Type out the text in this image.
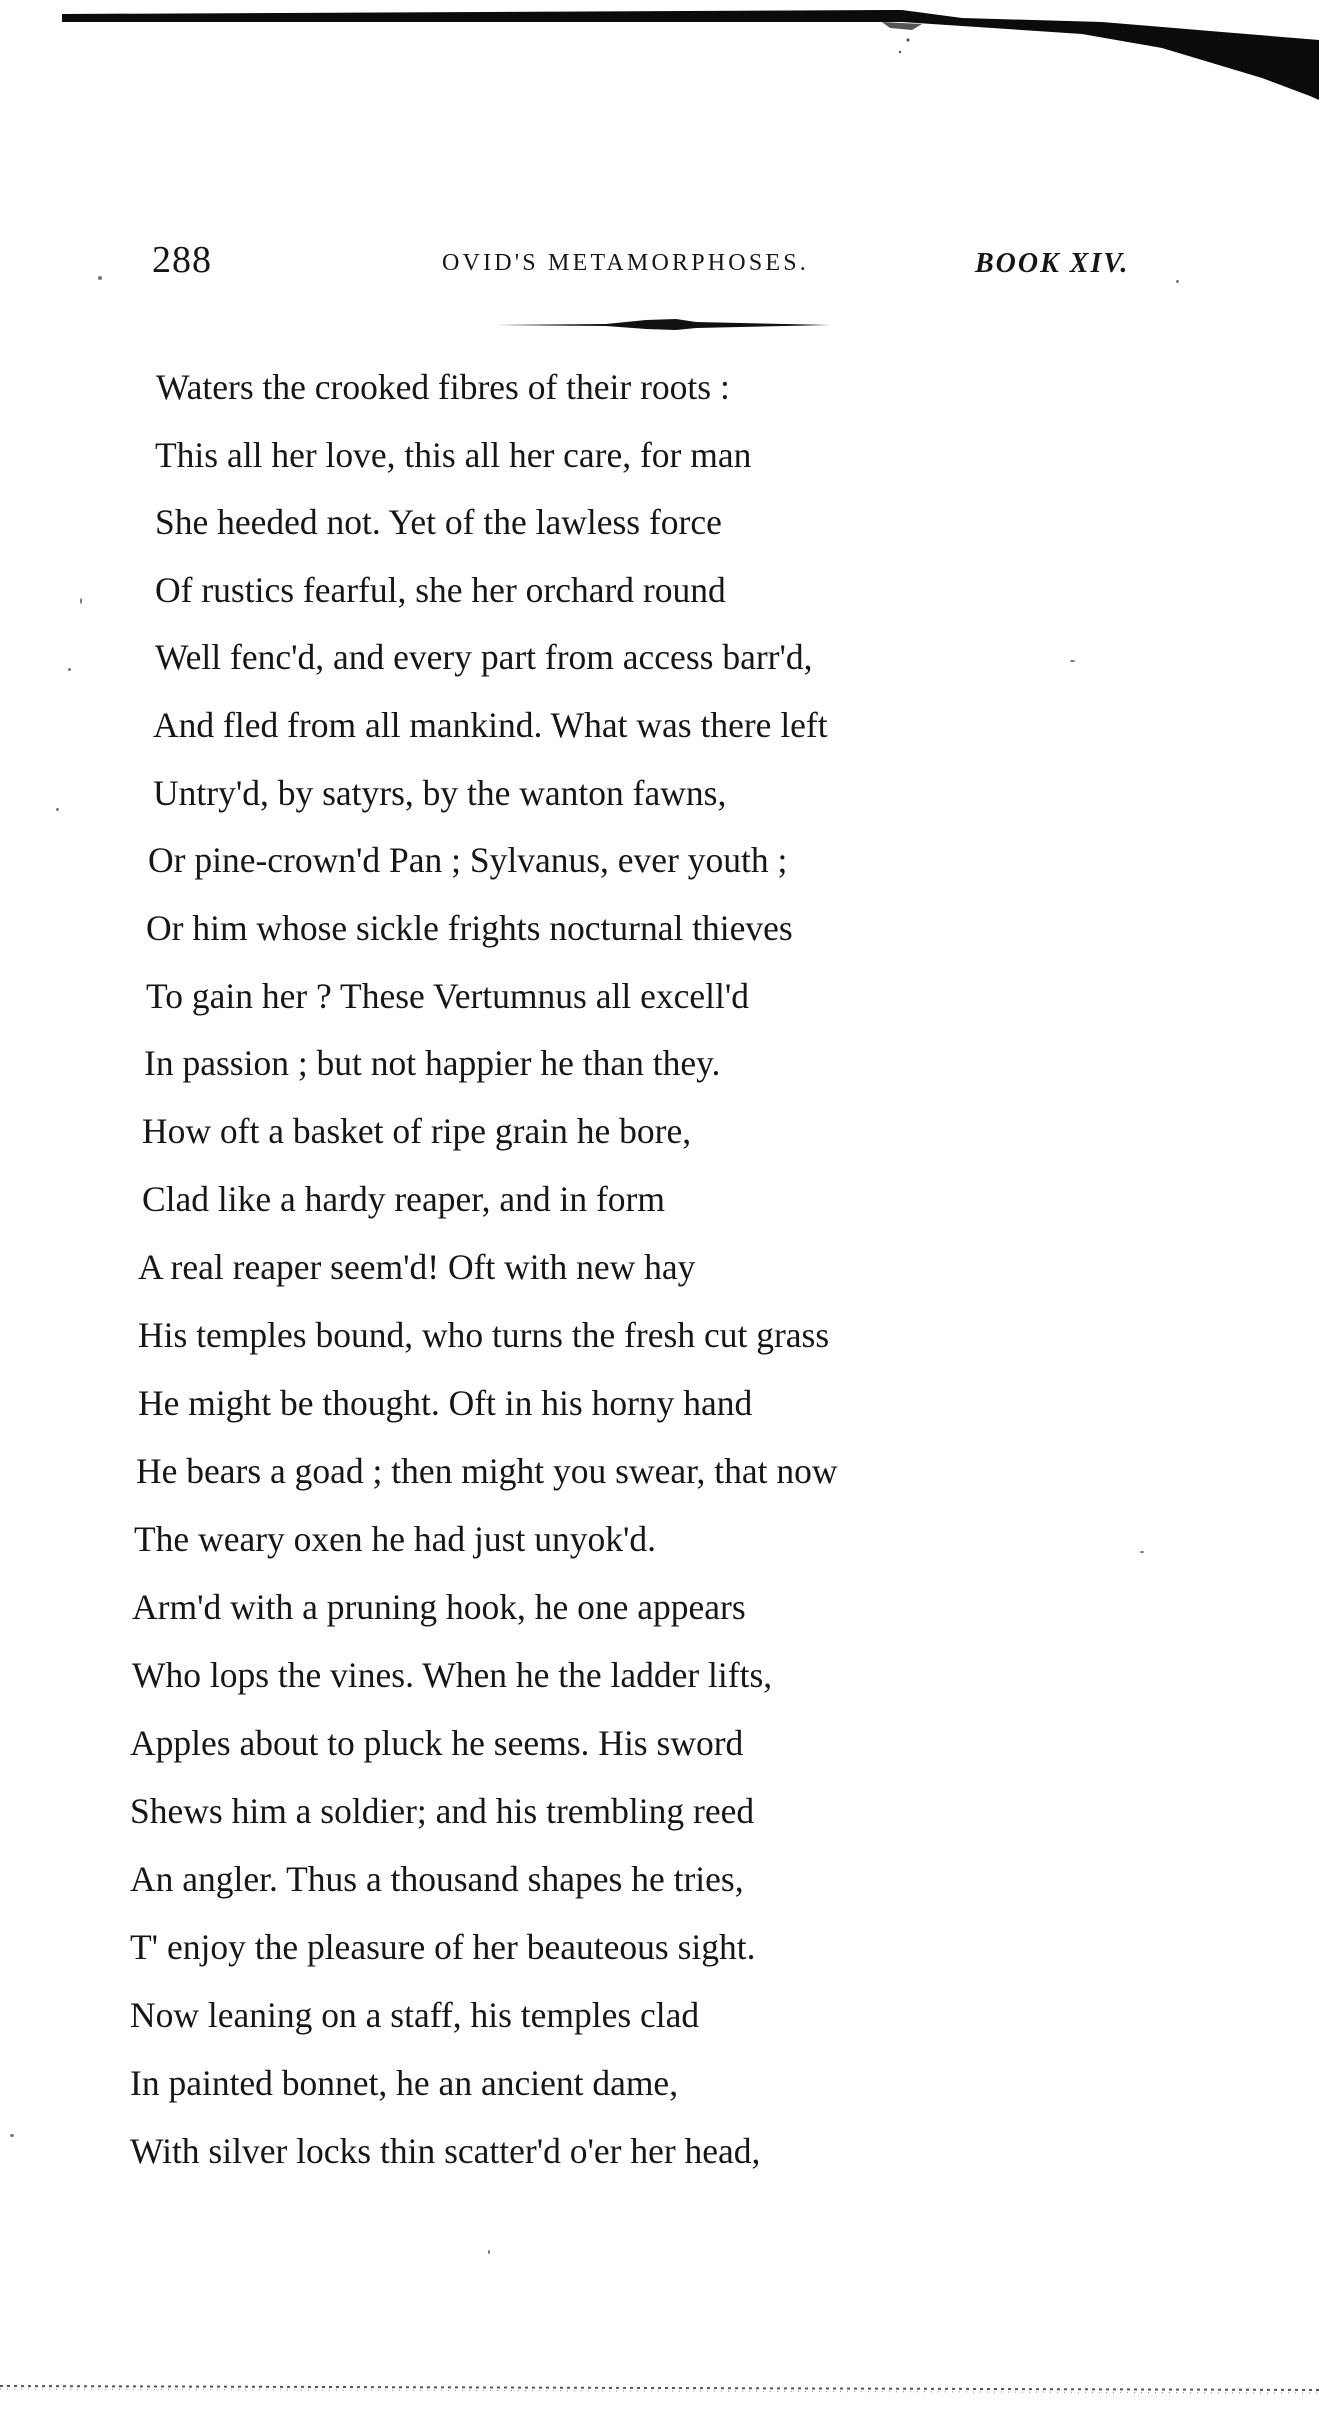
288	OVID'S METAMORPHOSES.	BOOK XIV.
Waters the crooked fibres of their roots :
This all her love, this all her care, for man
She heeded not. Yet of the lawless force
Of rustics fearful, she her orchard round
Well fenc'd, and every part from access barr'd,
And fled from all mankind. What was there left
Untry'd, by satyrs, by the wanton fawns,
Or pine-crown'd Pan ; Sylvanus, ever youth ;
Or him whose sickle frights nocturnal thieves
To gain her ? These Vertumnus all excell'd
In passion ; but not happier he than they.
How oft a basket of ripe grain he bore,
Clad like a hardy reaper, and in form
A real reaper seem'd! Oft with new hay
His temples bound, who turns the fresh cut grass
He might be thought. Oft in his horny hand
He bears a goad ; then might you swear, that now
The weary oxen he had just unyok'd.
Arm'd with a pruning hook, he one appears
Who lops the vines. When he the ladder lifts,
Apples about to pluck he seems. His sword
Shews him a soldier; and his trembling reed
An angler. Thus a thousand shapes he tries,
T' enjoy the pleasure of her beauteous sight.
Now leaning on a staff, his temples clad
In painted bonnet, he an ancient dame,
With silver locks thin scatter'd o'er her head,
